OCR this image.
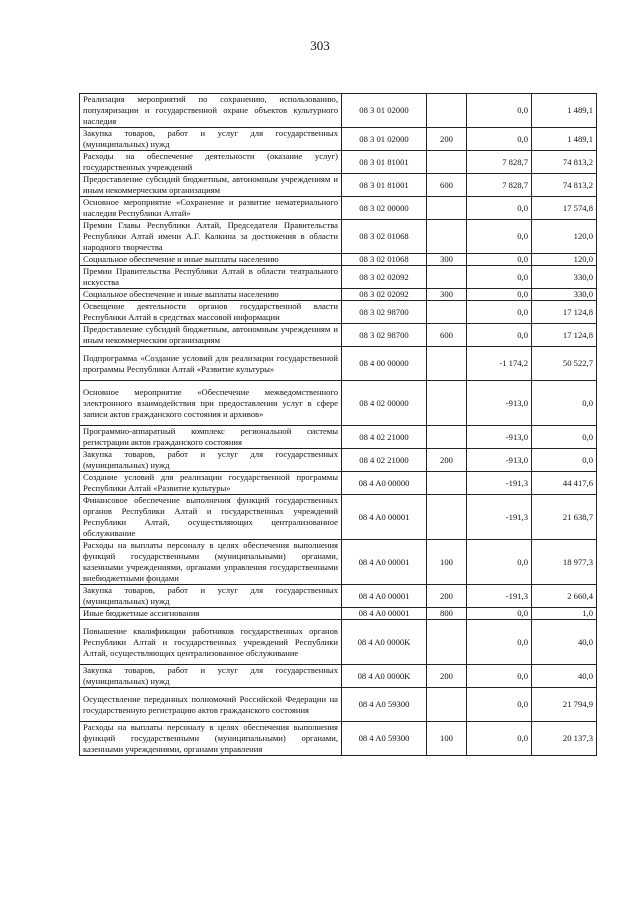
303
Реализация мероприятий по сохранению, использованию, популяризации и государственной охране объектов культурного наследия	08 3 01 02000		0,0	1 489,1
Закупка товаров, работ и услуг для государственных (муниципальных) нужд	08 3 01 02000	200	0,0	1 489,1
Расходы на обеспечение деятельности (оказание услуг) государственных учреждений	08 3 01 81001		7 828,7	74 813,2
Предоставление субсидий бюджетным, автономным учреждениям и иным некоммерческим организациям	08 3 01 81001	600	7 828,7	74 813,2
Основное мероприятие «Сохранение и развитие нематериального наследия Республики Алтай»	08 3 02 00000		0,0	17 574,8
Премии Главы Республики Алтай, Председателя Правительства Республики Алтай имени А.Г. Калкина за достижения в области народного творчества	08 3 02 01068		0,0	120,0
Социальное обеспечение и иные выплаты населению	08 3 02 01068	300	0,0	120,0
Премии Правительства Республики Алтай в области театрального искусства	08 3 02 02092		0,0	330,0
Социальное обеспечение и иные выплаты населению	08 3 02 02092	300	0,0	330,0
Освещение деятельности органов государственной власти Республики Алтай в средствах массовой информации	08 3 02 98700		0,0	17 124,8
Предоставление субсидий бюджетным, автономным учреждениям и иным некоммерческим организациям	08 3 02 98700	600	0,0	17 124,8
Подпрограмма «Создание условий для реализации государственной программы Республики Алтай «Развитие культуры»	08 4 00 00000		-1 174,2	50 522,7
Основное мероприятие «Обеспечение межведомственного электронного взаимодействия при предоставлении услуг в сфере записи актов гражданского состояния и архивов»	08 4 02 00000		-913,0	0,0
Программно-аппаратный комплекс региональной системы регистрации актов гражданского состояния	08 4 02 21000		-913,0	0,0
Закупка товаров, работ и услуг для государственных (муниципальных) нужд	08 4 02 21000	200	-913,0	0,0
Создание условий для реализации государственной программы Республики Алтай «Развитие культуры»	08 4 A0 00000		-191,3	44 417,6
Финансовое обеспечение выполнения функций государственных органов Республики Алтай и государственных учреждений Республики Алтай, осуществляющих централизованное обслуживание	08 4 A0 00001		-191,3	21 638,7
Расходы на выплаты персоналу в целях обеспечения выполнения функций государственными (муниципальными) органами, казенными учреждениями, органами управления государственными внебюджетными фондами	08 4 A0 00001	100	0,0	18 977,3
Закупка товаров, работ и услуг для государственных (муниципальных) нужд	08 4 A0 00001	200	-191,3	2 660,4
Иные бюджетные ассигнования	08 4 A0 00001	800	0,0	1,0
Повышение квалификации работников государственных органов Республики Алтай и государственных учреждений Республики Алтай, осуществляющих централизованное обслуживание	08 4 A0 0000K		0,0	40,0
Закупка товаров, работ и услуг для государственных (муниципальных) нужд	08 4 A0 0000K	200	0,0	40,0
Осуществление переданных полномочий Российской Федерации на государственную регистрацию актов гражданского состояния	08 4 A0 59300		0,0	21 794,9
Расходы на выплаты персоналу в целях обеспечения выполнения функций государственными (муниципальными) органами, казенными учреждениями, органами управления	08 4 A0 59300	100	0,0	20 137,3
